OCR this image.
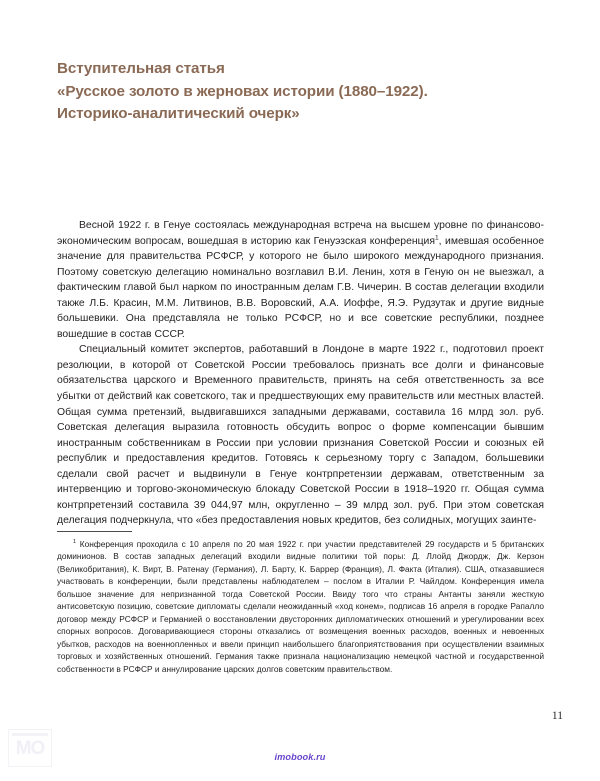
Вступительная статья
«Русское золото в жерновах истории (1880–1922).
Историко-аналитический очерк»

Весной 1922 г. в Генуе состоялась международная встреча на высшем уровне по финансово-экономическим вопросам, вошедшая в историю как Генуэзская конференция$^1$, имевшая особенное значение для правительства РСФСР, у которого не было широкого международного признания. Поэтому советскую делегацию номинально возглавил В.И. Ленин, хотя в Геную он не выезжал, а фактическим главой был нарком по иностранным делам Г.В. Чичерин. В состав делегации входили также Л.Б. Красин, М.М. Литвинов, В.В. Воровский, А.А. Иоффе, Я.Э. Рудзутак и другие видные большевики. Она представляла не только РСФСР, но и все советские республики, позднее вошедшие в состав СССР.

Специальный комитет экспертов, работавший в Лондоне в марте 1922 г., подготовил проект резолюции, в которой от Советской России требовалось признать все долги и финансовые обязательства царского и Временного правительств, принять на себя ответственность за все убытки от действий как советского, так и предшествующих ему правительств или местных властей. Общая сумма претензий, выдвигавшихся западными державами, составила 16 млрд зол. руб. Советская делегация выразила готовность обсудить вопрос о форме компенсации бывшим иностранным собственникам в России при условии признания Советской России и союзных ей республик и предоставления кредитов. Готовясь к серьезному торгу с Западом, большевики сделали свой расчет и выдвинули в Генуе контрпретензии державам, ответственным за интервенцию и торгово-экономическую блокаду Советской России в 1918–1920 гг. Общая сумма контрпретензий составила 39 044,97 млн, округленно – 39 млрд зол. руб. При этом советская делегация подчеркнула, что «без предоставления новых кредитов, без солидных, могущих заинте-

$^1$ Конференция проходила с 10 апреля по 20 мая 1922 г. при участии представителей 29 государств и 5 британских доминионов. В состав западных делегаций входили видные политики той поры: Д. Ллойд Джордж, Дж. Керзон (Великобритания), К. Вирт, В. Ратенау (Германия), Л. Барту, К. Баррер (Франция), Л. Факта (Италия). США, отказавшиеся участвовать в конференции, были представлены наблюдателем – послом в Италии Р. Чайлдом. Конференция имела большое значение для непризнанной тогда Советской России. Ввиду того что страны Антанты заняли жесткую антисоветскую позицию, советские дипломаты сделали неожиданный «ход конем», подписав 16 апреля в городке Рапалло договор между РСФСР и Германией о восстановлении двусторонних дипломатических отношений и урегулировании всех спорных вопросов. Договаривающиеся стороны отказались от возмещения военных расходов, военных и невоенных убытков, расходов на военнопленных и ввели принцип наибольшего благоприятствования при осуществлении взаимных торговых и хозяйственных отношений. Германия также признала национализацию немецкой частной и государственной собственности в РСФСР и аннулирование царских долгов советским правительством.

11
MO	imobook.ru
